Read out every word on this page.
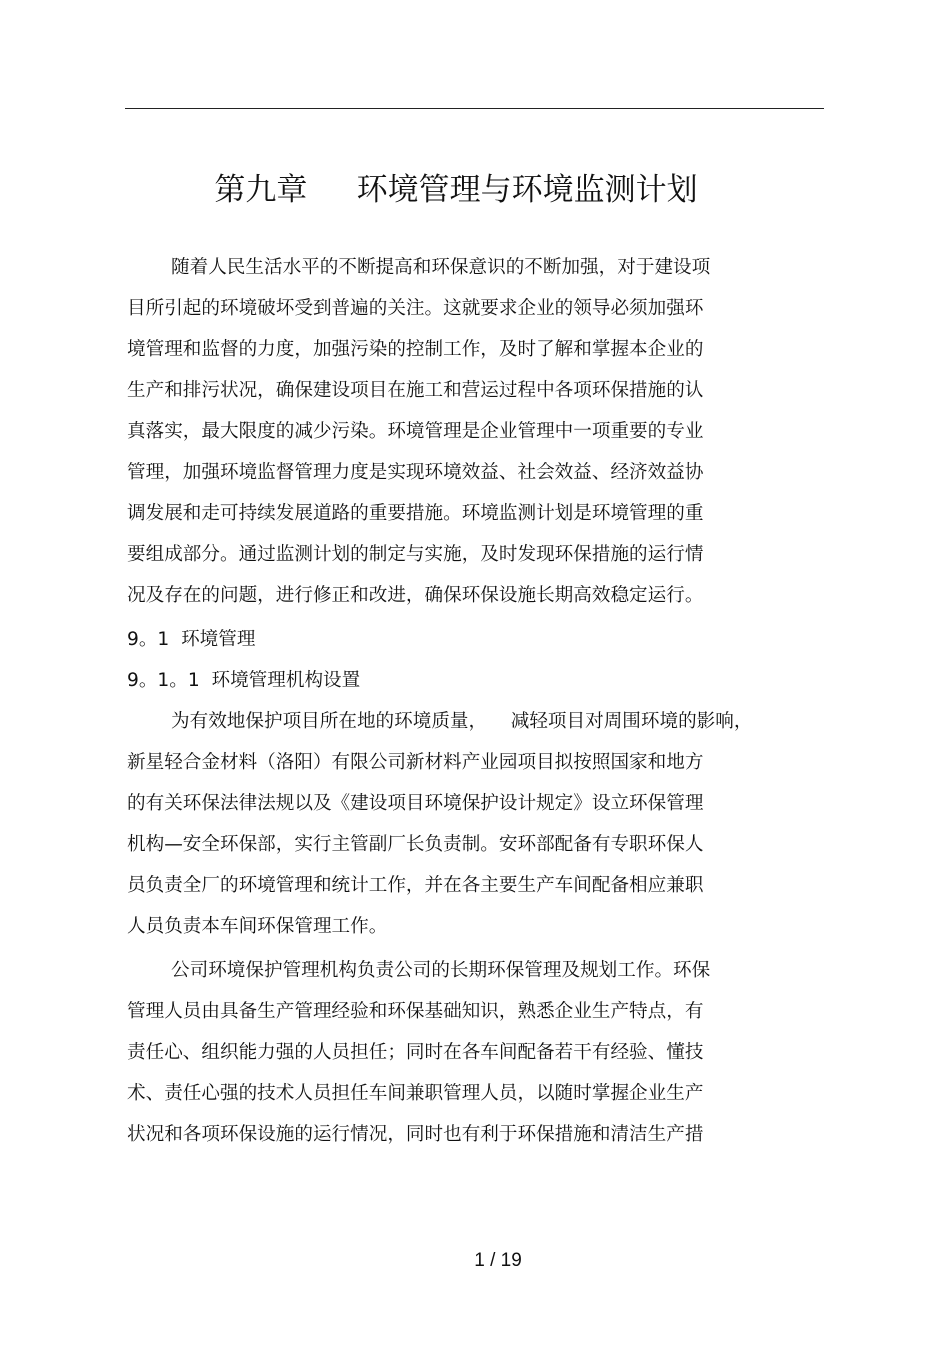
第九章     环境管理与环境监测计划
随着人民生活水平的不断提高和环保意识的不断加强，对于建设项
目所引起的环境破坏受到普遍的关注。这就要求企业的领导必须加强环
境管理和监督的力度，加强污染的控制工作，及时了解和掌握本企业的
生产和排污状况，确保建设项目在施工和营运过程中各项环保措施的认
真落实，最大限度的减少污染。环境管理是企业管理中一项重要的专业
管理，加强环境监督管理力度是实现环境效益、社会效益、经济效益协
调发展和走可持续发展道路的重要措施。环境监测计划是环境管理的重
要组成部分。通过监测计划的制定与实施，及时发现环保措施的运行情
况及存在的问题，进行修正和改进，确保环保设施长期高效稳定运行。
9。1  环境管理
9。1。1  环境管理机构设置
为有效地保护项目所在地的环境质量，    减轻项目对周围环境的影响，
新星轻合金材料（洛阳）有限公司新材料产业园项目拟按照国家和地方
的有关环保法律法规以及《建设项目环境保护设计规定》设立环保管理
机构—安全环保部，实行主管副厂长负责制。安环部配备有专职环保人
员负责全厂的环境管理和统计工作，并在各主要生产车间配备相应兼职
人员负责本车间环保管理工作。
公司环境保护管理机构负责公司的长期环保管理及规划工作。环保
管理人员由具备生产管理经验和环保基础知识，熟悉企业生产特点，有
责任心、组织能力强的人员担任；同时在各车间配备若干有经验、懂技
术、责任心强的技术人员担任车间兼职管理人员，以随时掌握企业生产
状况和各项环保设施的运行情况，同时也有利于环保措施和清洁生产措
1 / 19
